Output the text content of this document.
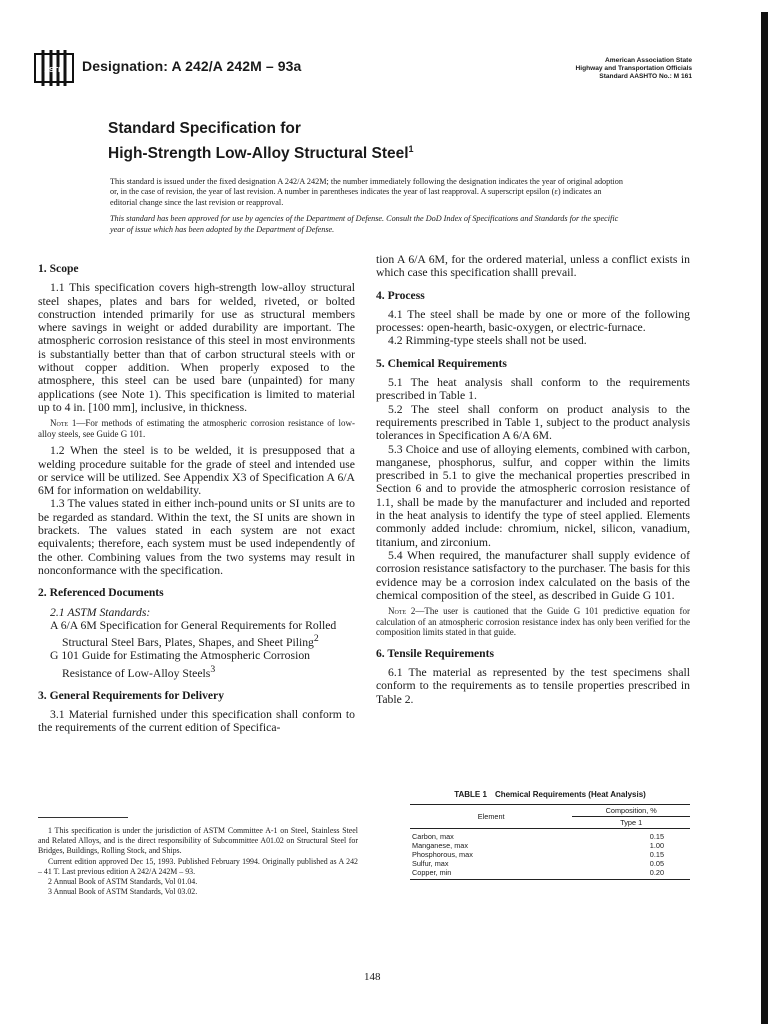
ASTM Designation: A 242/A 242M – 93a	American Association State
Highway and Transportation Officials
Standard AASHTO No.: M 161
Standard Specification for
High-Strength Low-Alloy Structural Steel$^1$

This standard is issued under the fixed designation A 242/A 242M; the number immediately following the designation indicates the year of original adoption or, in the case of revision, the year of last revision. A number in parentheses indicates the year of last reapproval. A superscript epsilon (ε) indicates an editorial change since the last revision or reapproval.

This standard has been approved for use by agencies of the Department of Defense. Consult the DoD Index of Specifications and Standards for the specific year of issue which has been adopted by the Department of Defense.

1. Scope

1.1 This specification covers high-strength low-alloy structural steel shapes, plates and bars for welded, riveted, or bolted construction intended primarily for use as structural members where savings in weight or added durability are important. The atmospheric corrosion resistance of this steel in most environments is substantially better than that of carbon structural steels with or without copper addition. When properly exposed to the atmosphere, this steel can be used bare (unpainted) for many applications (see Note 1). This specification is limited to material up to 4 in. [100 mm], inclusive, in thickness.

Note 1—For methods of estimating the atmospheric corrosion resistance of low-alloy steels, see Guide G 101.

1.2 When the steel is to be welded, it is presupposed that a welding procedure suitable for the grade of steel and intended use or service will be utilized. See Appendix X3 of Specification A 6/A 6M for information on weldability.

1.3 The values stated in either inch-pound units or SI units are to be regarded as standard. Within the text, the SI units are shown in brackets. The values stated in each system are not exact equivalents; therefore, each system must be used independently of the other. Combining values from the two systems may result in nonconformance with the specification.

2. Referenced Documents

2.1 ASTM Standards:

A 6/A 6M Specification for General Requirements for Rolled Structural Steel Bars, Plates, Shapes, and Sheet Piling$^2$

G 101 Guide for Estimating the Atmospheric Corrosion Resistance of Low-Alloy Steels$^3$

3. General Requirements for Delivery

3.1 Material furnished under this specification shall conform to the requirements of the current edition of Specifica-

tion A 6/A 6M, for the ordered material, unless a conflict exists in which case this specification shalll prevail.

4. Process

4.1 The steel shall be made by one or more of the following processes: open-hearth, basic-oxygen, or electric-furnace.

4.2 Rimming-type steels shall not be used.

5. Chemical Requirements

5.1 The heat analysis shall conform to the requirements prescribed in Table 1.

5.2 The steel shall conform on product analysis to the requirements prescribed in Table 1, subject to the product analysis tolerances in Specification A 6/A 6M.

5.3 Choice and use of alloying elements, combined with carbon, manganese, phosphorus, sulfur, and copper within the limits prescribed in 5.1 to give the mechanical properties prescribed in Section 6 and to provide the atmospheric corrosion resistance of 1.1, shall be made by the manufacturer and included and reported in the heat analysis to identify the type of steel applied. Elements commonly added include: chromium, nickel, silicon, vanadium, titanium, and zirconium.

5.4 When required, the manufacturer shall supply evidence of corrosion resistance satisfactory to the purchaser. The basis for this evidence may be a corrosion index calculated on the basis of the chemical composition of the steel, as described in Guide G 101.

Note 2—The user is cautioned that the Guide G 101 predictive equation for calculation of an atmospheric corrosion resistance index has only been verified for the composition limits stated in that guide.

6. Tensile Requirements

6.1 The material as represented by the test specimens shall conform to the requirements as to tensile properties prescribed in Table 2.

TABLE 1 Chemical Requirements (Heat Analysis)
Element	Composition, %
	Type 1
Carbon, max	0.15
Manganese, max	1.00
Phosphorous, max	0.15
Sulfur, max	0.05
Copper, min	0.20

1 This specification is under the jurisdiction of ASTM Committee A-1 on Steel, Stainless Steel and Related Alloys, and is the direct responsibility of Subcommittee A01.02 on Structural Steel for Bridges, Buildings, Rolling Stock, and Ships.

Current edition approved Dec 15, 1993. Published February 1994. Originally published as A 242 – 41 T. Last previous edition A 242/A 242M – 93.

2 Annual Book of ASTM Standards, Vol 01.04.

3 Annual Book of ASTM Standards, Vol 03.02.

148
